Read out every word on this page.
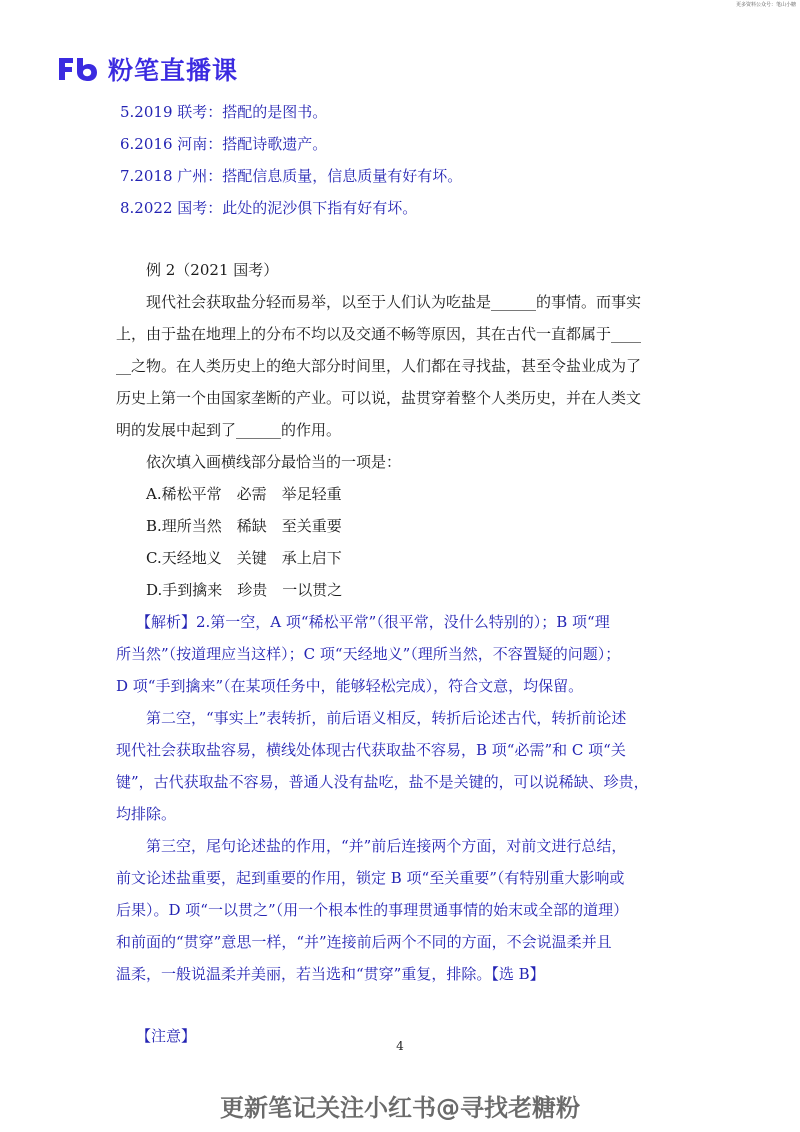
更多资料公众号：笔山小糖
粉笔直播课
5.2019 联考：搭配的是图书。
6.2016 河南：搭配诗歌遗产。
7.2018 广州：搭配信息质量，信息质量有好有坏。
8.2022 国考：此处的泥沙俱下指有好有坏。
例 2（2021 国考）
现代社会获取盐分轻而易举，以至于人们认为吃盐是______的事情。而事实
上，由于盐在地理上的分布不均以及交通不畅等原因，其在古代一直都属于____
__之物。在人类历史上的绝大部分时间里，人们都在寻找盐，甚至令盐业成为了
历史上第一个由国家垄断的产业。可以说，盐贯穿着整个人类历史，并在人类文
明的发展中起到了______的作用。
依次填入画横线部分最恰当的一项是：
A.稀松平常　必需　举足轻重
B.理所当然　稀缺　至关重要
C.天经地义　关键　承上启下
D.手到擒来　珍贵　一以贯之
【解析】2.第一空，A 项“稀松平常”（很平常，没什么特别的）；B 项“理
所当然”（按道理应当这样）；C 项“天经地义”（理所当然，不容置疑的问题）；
D 项“手到擒来”（在某项任务中，能够轻松完成），符合文意，均保留。
第二空，“事实上”表转折，前后语义相反，转折后论述古代，转折前论述
现代社会获取盐容易，横线处体现古代获取盐不容易，B 项“必需”和 C 项“关
键”，古代获取盐不容易，普通人没有盐吃，盐不是关键的，可以说稀缺、珍贵，
均排除。
第三空，尾句论述盐的作用，“并”前后连接两个方面，对前文进行总结，
前文论述盐重要，起到重要的作用，锁定 B 项“至关重要”（有特别重大影响或
后果）。D 项“一以贯之”（用一个根本性的事理贯通事情的始末或全部的道理）
和前面的“贯穿”意思一样，“并”连接前后两个不同的方面，不会说温柔并且
温柔，一般说温柔并美丽，若当选和“贯穿”重复，排除。【选 B】
【注意】
4
更新笔记关注小红书@寻找老糖粉
